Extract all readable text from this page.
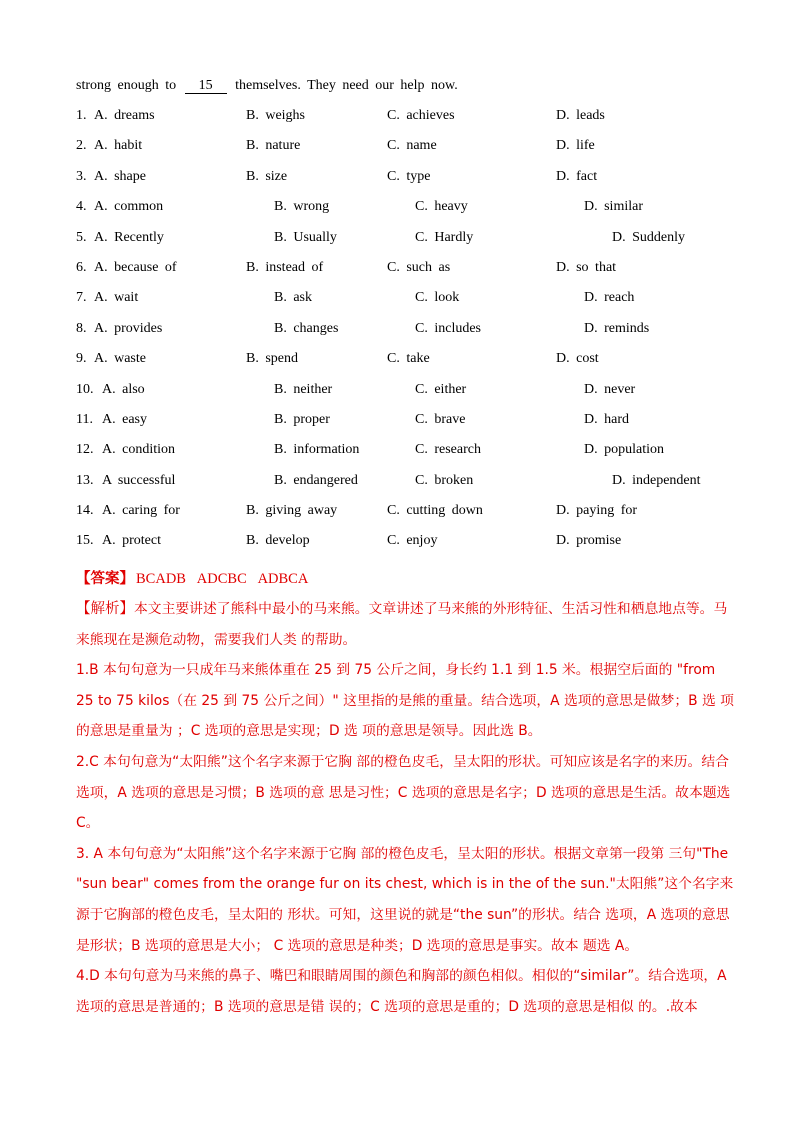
strong enough to 15 themselves. They need our help now.
1. A. dreams	B. weighs	C. achieves	D. leads
2. A. habit	B. nature	C. name	D. life
3. A. shape	B. size	C. type	D. fact
4. A. common	B. wrong	C. heavy	D. similar
5. A. Recently	B. Usually	C. Hardly	D. Suddenly
6. A. because of	B. instead of	C. such as	D. so that
7. A. wait	B. ask	C. look	D. reach
8. A. provides	B. changes	C. includes	D. reminds
9. A. waste	B. spend	C. take	D. cost
10. A. also	B. neither	C. either	D. never
11. A. easy	B. proper	C. brave	D. hard
12. A. condition	B. information	C. research	D. population
13. A successful	B. endangered	C. broken	D. independent
14. A. caring for	B. giving away	C. cutting down	D. paying for
15. A. protect	B. develop	C. enjoy	D. promise
【答案】 BCADB ADCBC ADBCA

【解析】本文主要讲述了熊科中最小的马来熊。文章讲述了马来熊的外形特征、生活习性和栖息地点等。马来熊现在是濒危动物，需要我们人类 的帮助。

1.B 本句句意为一只成年马来熊体重在 25 到 75 公斤之间，身长约 1.1 到 1.5 米。根据空后面的 "from 25 to 75 kilos（在 25 到 75 公斤之间）" 这里指的是熊的重量。结合选项，A 选项的意思是做梦；B 选 项的意思是重量为 ；C 选项的意思是实现；D 选 项的意思是领导。因此选 B。

2.C 本句句意为“太阳熊”这个名字来源于它胸 部的橙色皮毛，呈太阳的形状。可知应该是名字的来历。结合选项，A 选项的意思是习惯；B 选项的意 思是习性；C 选项的意思是名字；D 选项的意思是生活。故本题选 C。

3. A 本句句意为“太阳熊”这个名字来源于它胸 部的橙色皮毛，呈太阳的形状。根据文章第一段第 三句"The "sun bear" comes from the orange fur on its chest, which is in the of the sun."太阳熊”这个名字来源于它胸部的橙色皮毛，呈太阳的 形状。可知，这里说的就是“the sun”的形状。结合 选项，A 选项的意思是形状；B 选项的意思是大小； C 选项的意思是种类；D 选项的意思是事实。故本 题选 A。

4.D 本句句意为马来熊的鼻子、嘴巴和眼睛周围的颜色和胸部的颜色相似。相似的“similar”。结合选项，A 选项的意思是普通的；B 选项的意思是错 误的；C 选项的意思是重的；D 选项的意思是相似 的。.故本
